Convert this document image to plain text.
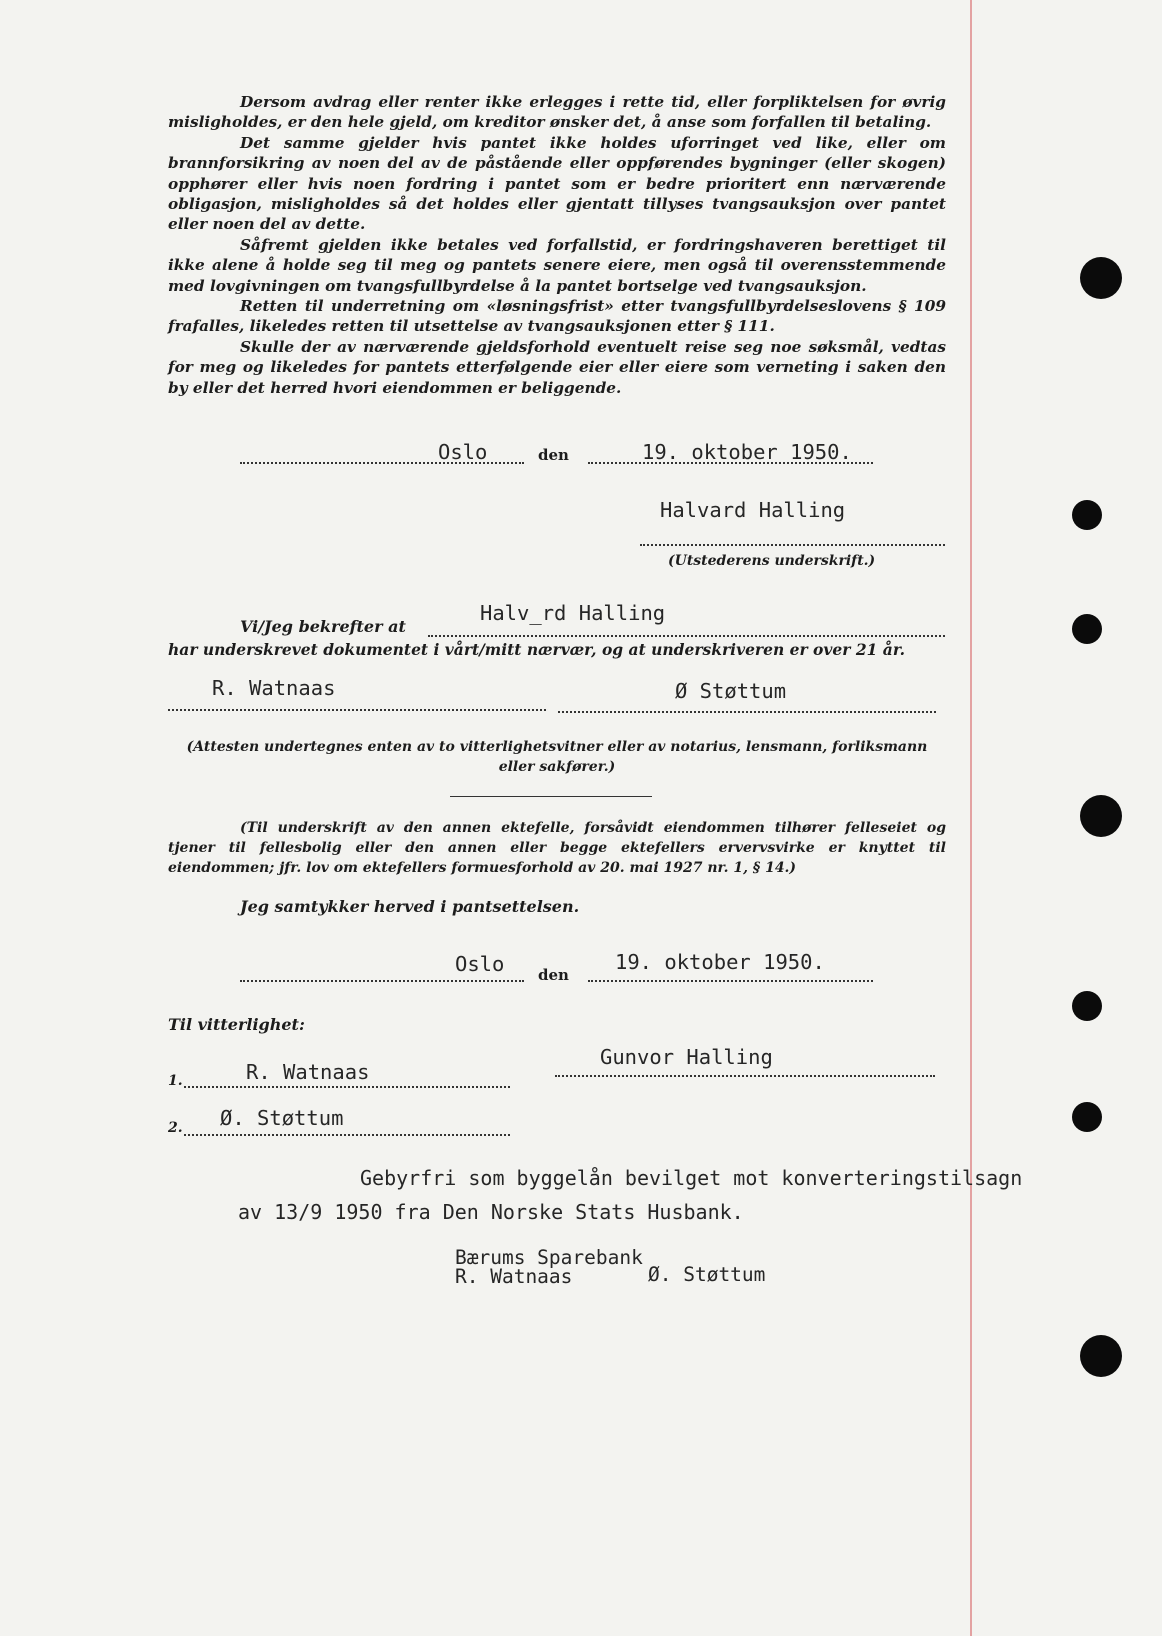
Dersom avdrag eller renter ikke erlegges i rette tid, eller forpliktelsen for øvrig misligholdes, er den hele gjeld, om kreditor ønsker det, å anse som forfallen til betaling.

Det samme gjelder hvis pantet ikke holdes uforringet ved like, eller om brannforsikring av noen del av de påstående eller oppførendes bygninger (eller skogen) opphører eller hvis noen fordring i pantet som er bedre prioritert enn nærværende obligasjon, misligholdes så det holdes eller gjentatt tillyses tvangsauksjon over pantet eller noen del av dette.

Såfremt gjelden ikke betales ved forfallstid, er fordringshaveren berettiget til ikke alene å holde seg til meg og pantets senere eiere, men også til overensstemmende med lovgivningen om tvangsfullbyrdelse å la pantet bortselge ved tvangsauksjon.

Retten til underretning om «løsningsfrist» etter tvangsfullbyrdelseslovens § 109 frafalles, likeledes retten til utsettelse av tvangsauksjonen etter § 111.

Skulle der av nærværende gjeldsforhold eventuelt reise seg noe søksmål, vedtas for meg og likeledes for pantets etterfølgende eier eller eiere som verneting i saken den by eller det herred hvori eiendommen er beliggende.

Oslo	den	19. oktober 1950.
Halvard Halling
(Utstederens underskrift.)
Vi/Jeg bekrefter at
Halv_rd Halling
har underskrevet dokumentet i vårt/mitt nærvær, og at underskriveren er over 21 år.
R. Watnaas	Ø Støttum
(Attesten undertegnes enten av to vitterlighetsvitner eller av notarius, lensmann, forliksmann eller sakfører.)
(Til underskrift av den annen ektefelle, forsåvidt eiendommen tilhører felleseiet og tjener til fellesbolig eller den annen eller begge ektefellers ervervsvirke er knyttet til eiendommen; jfr. lov om ektefellers formuesforhold av 20. mai 1927 nr. 1, § 14.)
Jeg samtykker herved i pantsettelsen.
Oslo den
19. oktober 1950.
Til vitterlighet:
1.	R. Watnaas
Gunvor Halling
2. Ø. Støttum
Gebyrfri som byggelån bevilget mot konverteringstilsagn
av 13/9 1950 fra Den Norske Stats Husbank.
Bærums Sparebank
R. Watnaas	Ø. Støttum
